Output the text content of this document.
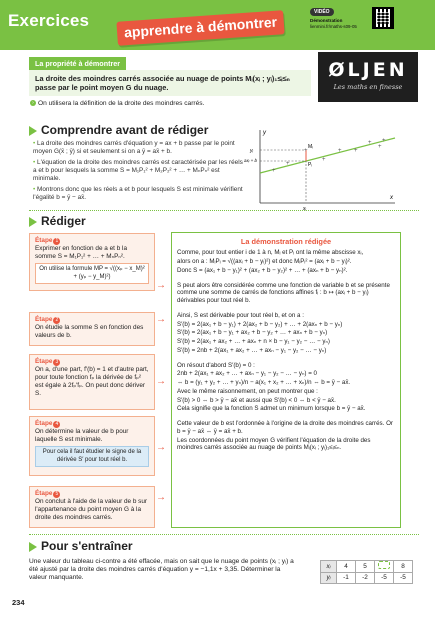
Exercices	apprendre à démontrer
VIDÉO
Démonstration
lienmini.fr/maths-s09-05
ØLJEN
Les maths en finesse
La propriété à démontrer
La droite des moindres carrés associée au nuage de points Mᵢ(xᵢ ; yᵢ)₁≤ᵢ≤ₙ passe par le point moyen G du nuage.
› On utilisera la définition de la droite des moindres carrés.
Comprendre avant de rédiger

• La droite des moindres carrés d'équation y = ax + b passe par le point moyen G(x̄ ; ȳ) si et seulement si on a ȳ = ax̄ + b.

• L'équation de la droite des moindres carrés est caractérisée par les réels a et b pour lesquels la somme S = M₁P₁² + M₂P₂² + … + MₙPₙ² est minimale.

• Montrons donc que les réels a et b pour lesquels S est minimale vérifient l'égalité b = ȳ − ax̄.

+
+
+
+
+ +
+ +
+
y
x
yᵢ
axᵢ + b
xᵢ
Mᵢ
Pᵢ
Rédiger
Étape 1
Exprimer en fonction de a et b la somme S = M₁P₁² + … + MₙPₙ².
On utilise la formule MP = √((xₚ − x_M)² + (yₚ − y_M)²)
→
Étape 2
On étudie la somme S en fonction des valeurs de b.
→
Étape 3
On a, d'une part, f′(b) = 1 et d'autre part, pour toute fonction fₚ la dérivée de fₚ² est égale à 2fₚ′fₚ. On peut donc dériver S.
→
Étape 4
On détermine la valeur de b pour laquelle S est minimale.
Pour cela il faut étudier le signe de la dérivée S′ pour tout réel b.
→
Étape 5
On conclut à l'aide de la valeur de b sur l'appartenance du point moyen G à la droite des moindres carrés.
→
La démonstration rédigée

Comme, pour tout entier i de 1 à n, Mᵢ et Pᵢ ont la même abscisse xᵢ,

alors on a : MᵢPᵢ = √((axᵢ + b − yᵢ)²) et donc MᵢPᵢ² = (axᵢ + b − yᵢ)².

Donc S = (ax₁ + b − y₁)² + (ax₂ + b − y₂)² + … + (axₙ + b − yₙ)².

S peut alors être considérée comme une fonction de variable b et se présente comme une somme de carrés de fonctions affines fᵢ : b ↦ (axᵢ + b − yᵢ) dérivables pour tout réel b.

Ainsi, S est dérivable pour tout réel b, et on a :

S′(b) = 2(ax₁ + b − y₁) + 2(ax₂ + b − y₂) + … + 2(axₙ + b − yₙ)

S′(b) = 2(ax₁ + b − y₁ + ax₂ + b − y₂ + … + axₙ + b − yₙ)

S′(b) = 2(ax₁ + ax₂ + … + axₙ + n × b − y₁ − y₂ − … − yₙ)

S′(b) = 2nb + 2(ax₁ + ax₂ + … + axₙ − y₁ − y₂ − … − yₙ)

On résout d'abord S′(b) = 0 :

2nb + 2(ax₁ + ax₂ + … + axₙ − y₁ − y₂ − … − yₙ) = 0

⇔ b = (y₁ + y₂ + … + yₙ)/n − a(x₁ + x₂ + … + xₙ)/n ⇔ b = ȳ − ax̄.

Avec le même raisonnement, on peut montrer que :

S′(b) > 0 ⇔ b > ȳ − ax̄ et aussi que S′(b) < 0 ⇔ b < ȳ − ax̄.

Cela signifie que la fonction S admet un minimum lorsque b = ȳ − ax̄.

Cette valeur de b est l'ordonnée à l'origine de la droite des moindres carrés. Or b = ȳ − ax̄ ⇔ ȳ = ax̄ + b.

Les coordonnées du point moyen G vérifient l'équation de la droite des moindres carrés associée au nuage de points Mᵢ(xᵢ ; yᵢ)₁≤ᵢ≤ₙ.

Pour s'entraîner
Une valeur du tableau ci-contre a été effacée, mais on sait que le nuage de points (xᵢ ; yᵢ) a été ajusté par la droite des moindres carrés d'équation y = −1,1x + 3,35. Déterminer la valeur manquante.
xᵢ	4	5		8
yᵢ	-1	-2	-5	-5
234
